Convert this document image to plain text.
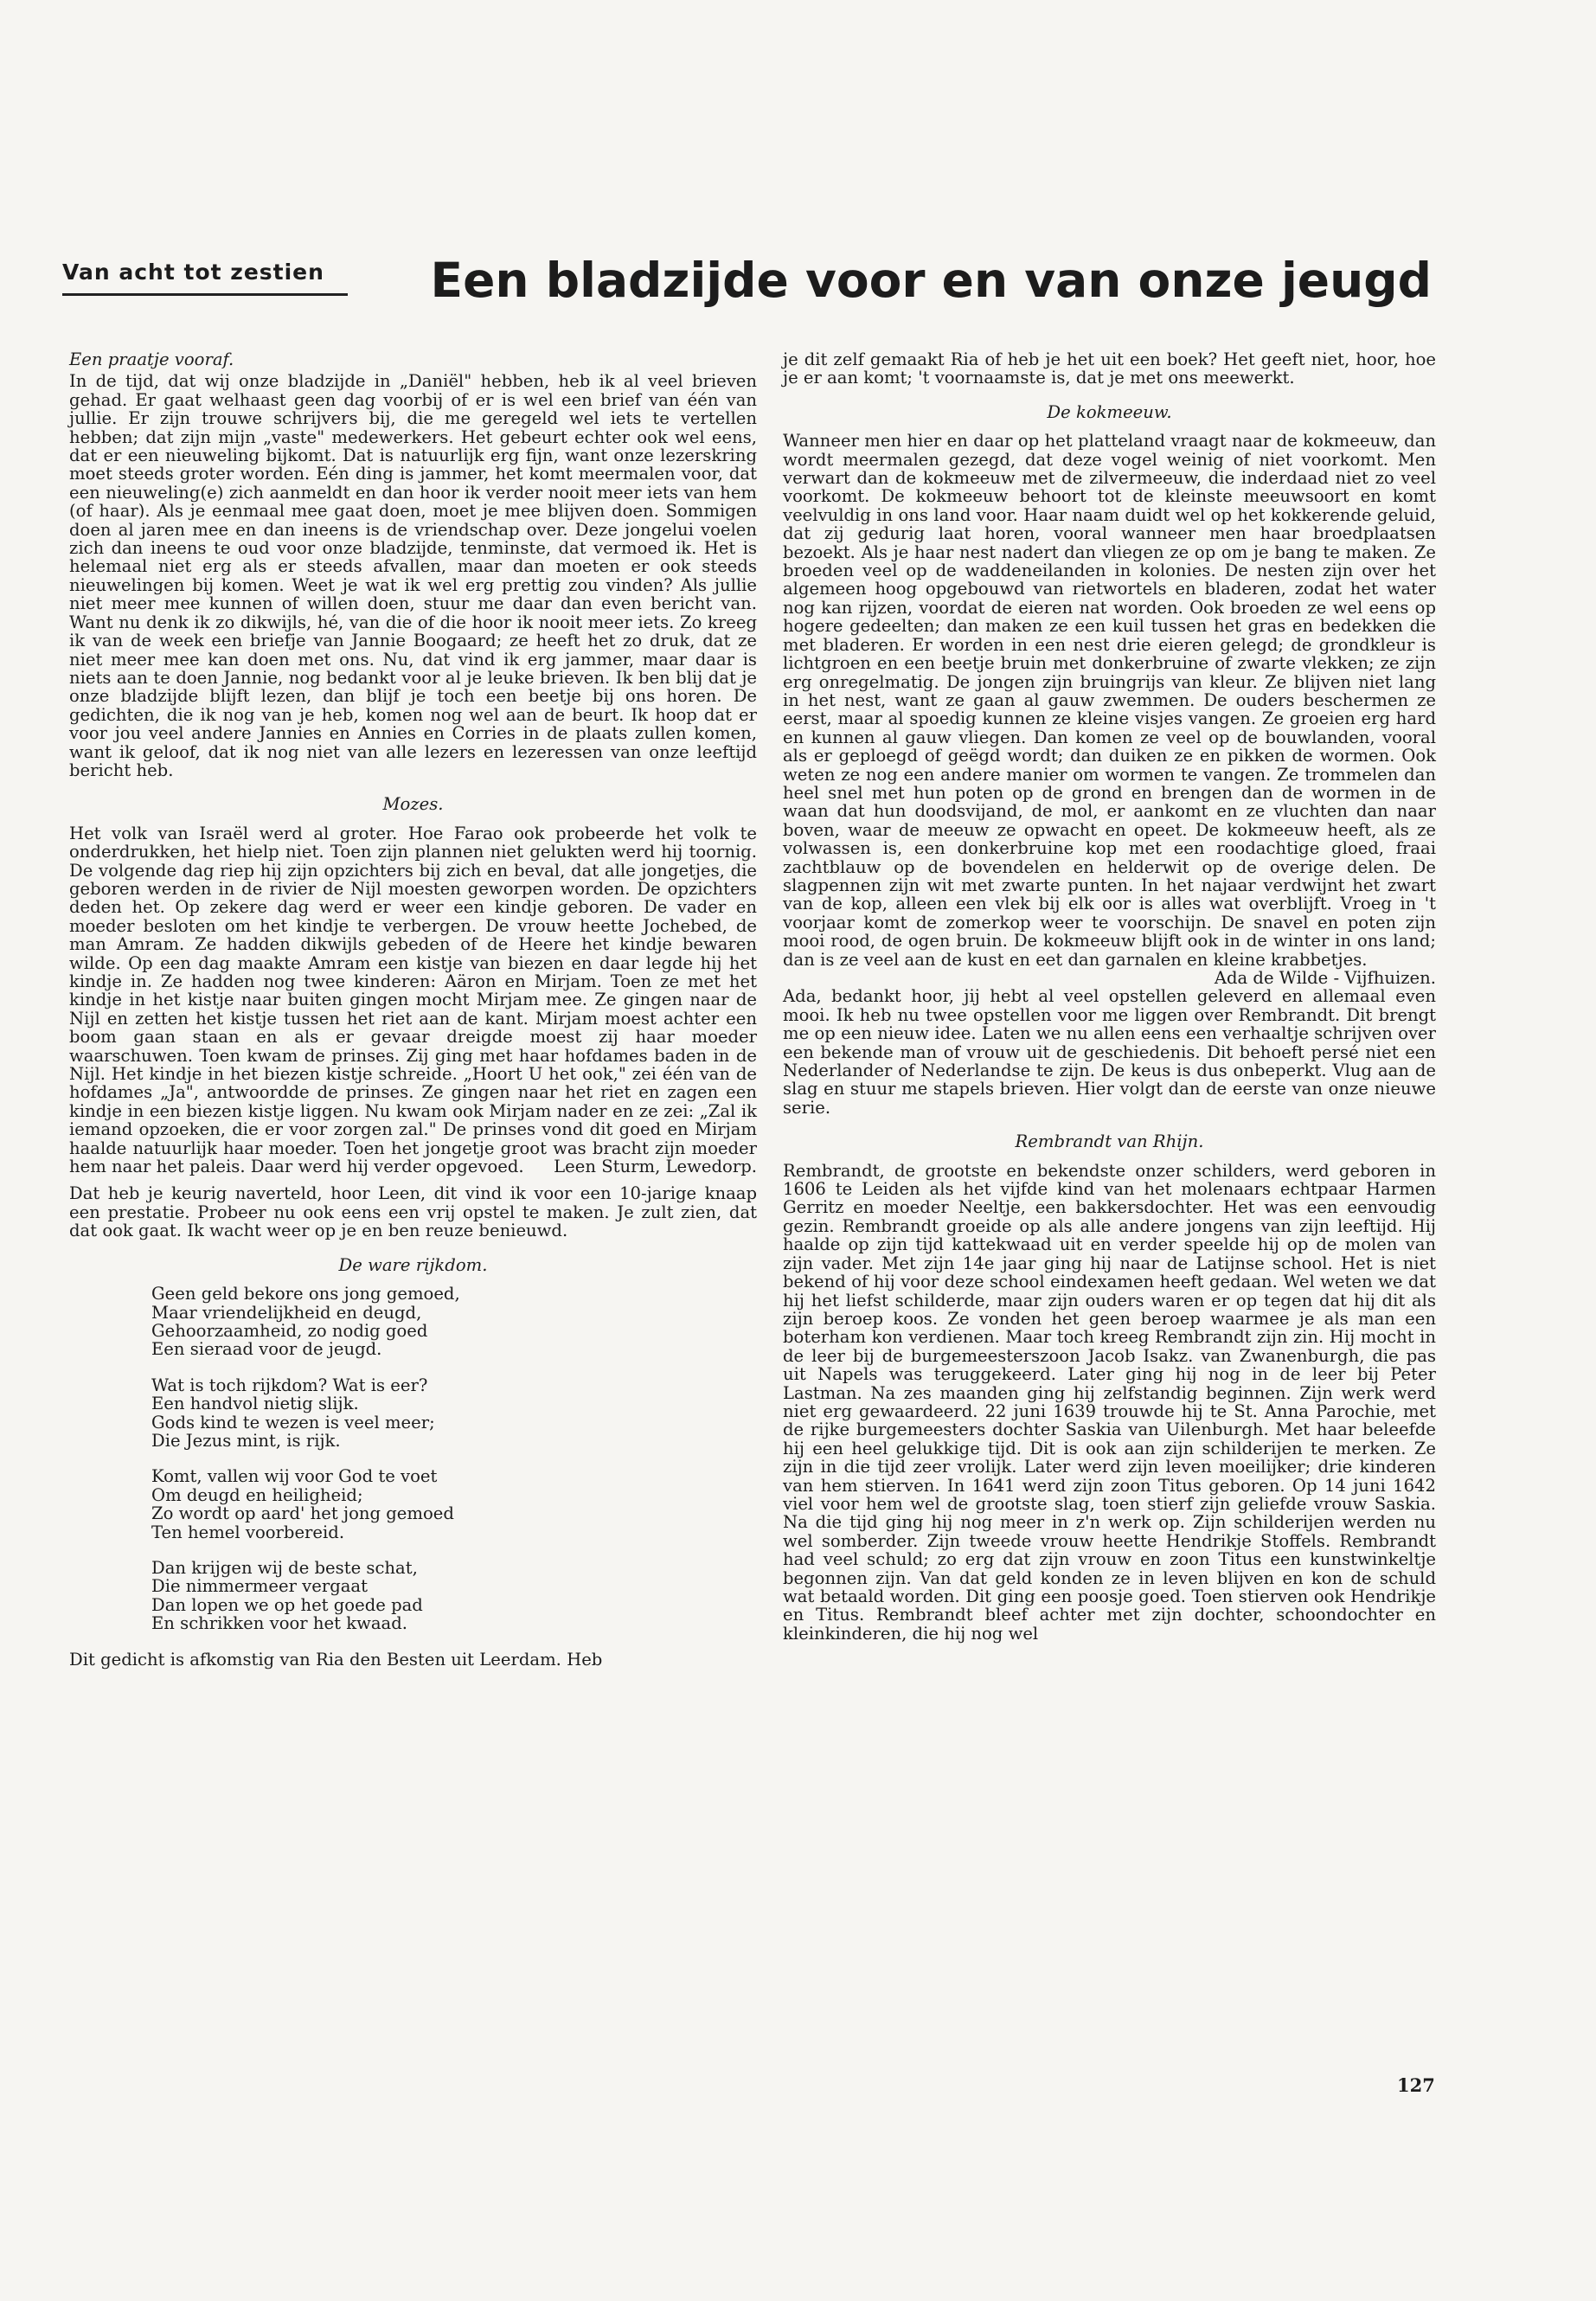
Van acht tot zestien	Een bladzijde voor en van onze jeugd
Een praatje vooraf.

In de tijd, dat wij onze bladzijde in „Daniël" hebben, heb ik al veel brieven gehad. Er gaat welhaast geen dag voorbij of er is wel een brief van één van jullie. Er zijn trouwe schrijvers bij, die me geregeld wel iets te vertellen hebben; dat zijn mijn „vaste" medewerkers. Het gebeurt echter ook wel eens, dat er een nieuweling bijkomt. Dat is natuurlijk erg fijn, want onze lezerskring moet steeds groter worden. Eén ding is jammer, het komt meermalen voor, dat een nieuweling(e) zich aanmeldt en dan hoor ik verder nooit meer iets van hem (of haar). Als je eenmaal mee gaat doen, moet je mee blijven doen. Sommigen doen al jaren mee en dan ineens is de vriendschap over. Deze jongelui voelen zich dan ineens te oud voor onze bladzijde, tenminste, dat vermoed ik. Het is helemaal niet erg als er steeds afvallen, maar dan moeten er ook steeds nieuwelingen bij komen. Weet je wat ik wel erg prettig zou vinden? Als jullie niet meer mee kunnen of willen doen, stuur me daar dan even bericht van. Want nu denk ik zo dikwijls, hé, van die of die hoor ik nooit meer iets. Zo kreeg ik van de week een briefje van Jannie Boogaard; ze heeft het zo druk, dat ze niet meer mee kan doen met ons. Nu, dat vind ik erg jammer, maar daar is niets aan te doen Jannie, nog bedankt voor al je leuke brieven. Ik ben blij dat je onze bladzijde blijft lezen, dan blijf je toch een beetje bij ons horen. De gedichten, die ik nog van je heb, komen nog wel aan de beurt. Ik hoop dat er voor jou veel andere Jannies en Annies en Corries in de plaats zullen komen, want ik geloof, dat ik nog niet van alle lezers en lezeressen van onze leeftijd bericht heb.

Mozes.

Het volk van Israël werd al groter. Hoe Farao ook probeerde het volk te onderdrukken, het hielp niet. Toen zijn plannen niet gelukten werd hij toornig. De volgende dag riep hij zijn opzichters bij zich en beval, dat alle jongetjes, die geboren werden in de rivier de Nijl moesten geworpen worden. De opzichters deden het. Op zekere dag werd er weer een kindje geboren. De vader en moeder besloten om het kindje te verbergen. De vrouw heette Jochebed, de man Amram. Ze hadden dikwijls gebeden of de Heere het kindje bewaren wilde. Op een dag maakte Amram een kistje van biezen en daar legde hij het kindje in. Ze hadden nog twee kinderen: Aäron en Mirjam. Toen ze met het kindje in het kistje naar buiten gingen mocht Mirjam mee. Ze gingen naar de Nijl en zetten het kistje tussen het riet aan de kant. Mirjam moest achter een boom gaan staan en als er gevaar dreigde moest zij haar moeder waarschuwen. Toen kwam de prinses. Zij ging met haar hofdames baden in de Nijl. Het kindje in het biezen kistje schreide. „Hoort U het ook," zei één van de hofdames „Ja", antwoordde de prinses. Ze gingen naar het riet en zagen een kindje in een biezen kistje liggen. Nu kwam ook Mirjam nader en ze zei: „Zal ik iemand opzoeken, die er voor zorgen zal." De prinses vond dit goed en Mirjam haalde natuurlijk haar moeder. Toen het jongetje groot was bracht zijn moeder hem naar het paleis. Daar werd hij verder opgevoed. Leen Sturm, Lewedorp.

Dat heb je keurig naverteld, hoor Leen, dit vind ik voor een 10-jarige knaap een prestatie. Probeer nu ook eens een vrij opstel te maken. Je zult zien, dat dat ook gaat. Ik wacht weer op je en ben reuze benieuwd.

De ware rijkdom.
Geen geld bekore ons jong gemoed,
Maar vriendelijkheid en deugd,
Gehoorzaamheid, zo nodig goed
Een sieraad voor de jeugd.
Wat is toch rijkdom? Wat is eer?
Een handvol nietig slijk.
Gods kind te wezen is veel meer;
Die Jezus mint, is rijk.
Komt, vallen wij voor God te voet
Om deugd en heiligheid;
Zo wordt op aard' het jong gemoed
Ten hemel voorbereid.
Dan krijgen wij de beste schat,
Die nimmermeer vergaat
Dan lopen we op het goede pad
En schrikken voor het kwaad.

Dit gedicht is afkomstig van Ria den Besten uit Leerdam. Heb

je dit zelf gemaakt Ria of heb je het uit een boek? Het geeft niet, hoor, hoe je er aan komt; 't voornaamste is, dat je met ons meewerkt.

De kokmeeuw.

Wanneer men hier en daar op het platteland vraagt naar de kokmeeuw, dan wordt meermalen gezegd, dat deze vogel weinig of niet voorkomt. Men verwart dan de kokmeeuw met de zilvermeeuw, die inderdaad niet zo veel voorkomt. De kokmeeuw behoort tot de kleinste meeuwsoort en komt veelvuldig in ons land voor. Haar naam duidt wel op het kokkerende geluid, dat zij gedurig laat horen, vooral wanneer men haar broedplaatsen bezoekt. Als je haar nest nadert dan vliegen ze op om je bang te maken. Ze broeden veel op de waddeneilanden in kolonies. De nesten zijn over het algemeen hoog opgebouwd van rietwortels en bladeren, zodat het water nog kan rijzen, voordat de eieren nat worden. Ook broeden ze wel eens op hogere gedeelten; dan maken ze een kuil tussen het gras en bedekken die met bladeren. Er worden in een nest drie eieren gelegd; de grondkleur is lichtgroen en een beetje bruin met donkerbruine of zwarte vlekken; ze zijn erg onregelmatig. De jongen zijn bruingrijs van kleur. Ze blijven niet lang in het nest, want ze gaan al gauw zwemmen. De ouders beschermen ze eerst, maar al spoedig kunnen ze kleine visjes vangen. Ze groeien erg hard en kunnen al gauw vliegen. Dan komen ze veel op de bouwlanden, vooral als er geploegd of geëgd wordt; dan duiken ze en pikken de wormen. Ook weten ze nog een andere manier om wormen te vangen. Ze trommelen dan heel snel met hun poten op de grond en brengen dan de wormen in de waan dat hun doodsvijand, de mol, er aankomt en ze vluchten dan naar boven, waar de meeuw ze opwacht en opeet. De kokmeeuw heeft, als ze volwassen is, een donkerbruine kop met een roodachtige gloed, fraai zachtblauw op de bovendelen en helderwit op de overige delen. De slagpennen zijn wit met zwarte punten. In het najaar verdwijnt het zwart van de kop, alleen een vlek bij elk oor is alles wat overblijft. Vroeg in 't voorjaar komt de zomerkop weer te voorschijn. De snavel en poten zijn mooi rood, de ogen bruin. De kokmeeuw blijft ook in de winter in ons land; dan is ze veel aan de kust en eet dan garnalen en kleine krabbetjes.
Ada de Wilde - Vijfhuizen.

Ada, bedankt hoor, jij hebt al veel opstellen geleverd en allemaal even mooi. Ik heb nu twee opstellen voor me liggen over Rembrandt. Dit brengt me op een nieuw idee. Laten we nu allen eens een verhaaltje schrijven over een bekende man of vrouw uit de geschiedenis. Dit behoeft persé niet een Nederlander of Nederlandse te zijn. De keus is dus onbeperkt. Vlug aan de slag en stuur me stapels brieven. Hier volgt dan de eerste van onze nieuwe serie.

Rembrandt van Rhijn.

Rembrandt, de grootste en bekendste onzer schilders, werd geboren in 1606 te Leiden als het vijfde kind van het molenaars echtpaar Harmen Gerritz en moeder Neeltje, een bakkersdochter. Het was een eenvoudig gezin. Rembrandt groeide op als alle andere jongens van zijn leeftijd. Hij haalde op zijn tijd kattekwaad uit en verder speelde hij op de molen van zijn vader. Met zijn 14e jaar ging hij naar de Latijnse school. Het is niet bekend of hij voor deze school eindexamen heeft gedaan. Wel weten we dat hij het liefst schilderde, maar zijn ouders waren er op tegen dat hij dit als zijn beroep koos. Ze vonden het geen beroep waarmee je als man een boterham kon verdienen. Maar toch kreeg Rembrandt zijn zin. Hij mocht in de leer bij de burgemeesterszoon Jacob Isakz. van Zwanenburgh, die pas uit Napels was teruggekeerd. Later ging hij nog in de leer bij Peter Lastman. Na zes maanden ging hij zelfstandig beginnen. Zijn werk werd niet erg gewaardeerd. 22 juni 1639 trouwde hij te St. Anna Parochie, met de rijke burgemeesters dochter Saskia van Uilenburgh. Met haar beleefde hij een heel gelukkige tijd. Dit is ook aan zijn schilderijen te merken. Ze zijn in die tijd zeer vrolijk. Later werd zijn leven moeilijker; drie kinderen van hem stierven. In 1641 werd zijn zoon Titus geboren. Op 14 juni 1642 viel voor hem wel de grootste slag, toen stierf zijn geliefde vrouw Saskia. Na die tijd ging hij nog meer in z'n werk op. Zijn schilderijen werden nu wel somberder. Zijn tweede vrouw heette Hendrikje Stoffels. Rembrandt had veel schuld; zo erg dat zijn vrouw en zoon Titus een kunstwinkeltje begonnen zijn. Van dat geld konden ze in leven blijven en kon de schuld wat betaald worden. Dit ging een poosje goed. Toen stierven ook Hendrikje en Titus. Rembrandt bleef achter met zijn dochter, schoondochter en kleinkinderen, die hij nog wel

127
